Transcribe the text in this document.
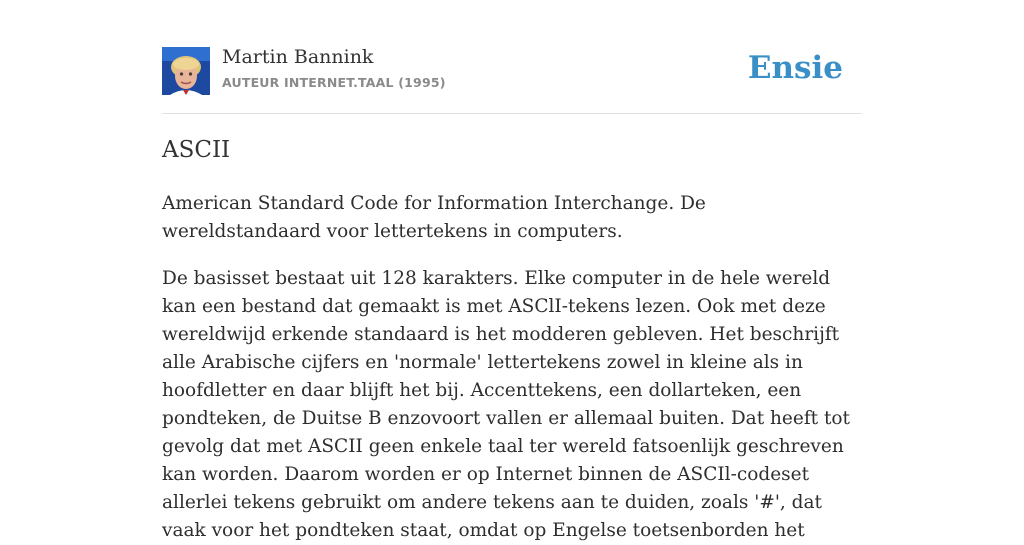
Martin Bannink
AUTEUR INTERNET.TAAL (1995)	Ensie
ASCII

American Standard Code for Information Interchange. De wereldstandaard voor lettertekens in computers.

De basisset bestaat uit 128 karakters. Elke computer in de hele wereld kan een bestand dat gemaakt is met ASClI-tekens lezen. Ook met deze wereldwijd erkende standaard is het modderen gebleven. Het beschrijft alle Arabische cijfers en 'normale' lettertekens zowel in kleine als in hoofdletter en daar blijft het bij. Accenttekens, een dollarteken, een pondteken, de Duitse B enzovoort vallen er allemaal buiten. Dat heeft tot gevolg dat met ASCII geen enkele taal ter wereld fatsoenlijk geschreven kan worden. Daarom worden er op Internet binnen de ASCIl-codeset allerlei tekens gebruikt om andere tekens aan te duiden, zoals '#', dat vaak voor het pondteken staat, omdat op Engelse toetsenborden het
